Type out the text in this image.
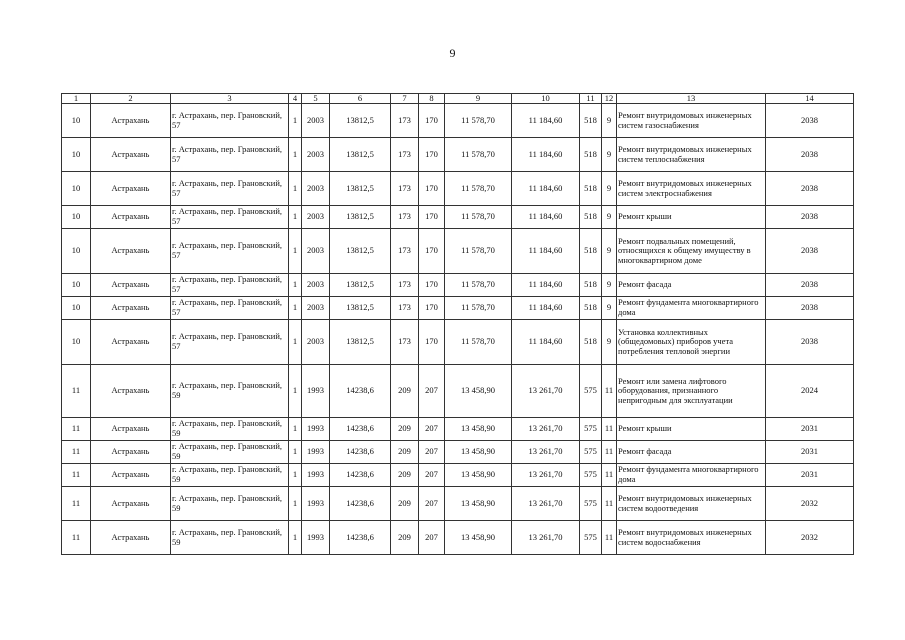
9
1	2	3	4	5	6	7	8	9	10	11	12	13	14
10	Астрахань	г. Астрахань, пер. Грановский, 57	1	2003	13812,5	173	170	11 578,70	11 184,60	518	9	Ремонт внутридомовых инженерных систем газоснабжения	2038
10	Астрахань	г. Астрахань, пер. Грановский, 57	1	2003	13812,5	173	170	11 578,70	11 184,60	518	9	Ремонт внутридомовых инженерных систем теплоснабжения	2038
10	Астрахань	г. Астрахань, пер. Грановский, 57	1	2003	13812,5	173	170	11 578,70	11 184,60	518	9	Ремонт внутридомовых инженерных систем электроснабжения	2038
10	Астрахань	г. Астрахань, пер. Грановский, 57	1	2003	13812,5	173	170	11 578,70	11 184,60	518	9	Ремонт крыши	2038
10	Астрахань	г. Астрахань, пер. Грановский, 57	1	2003	13812,5	173	170	11 578,70	11 184,60	518	9	Ремонт подвальных помещений, относящихся к общему имуществу в многоквартирном доме	2038
10	Астрахань	г. Астрахань, пер. Грановский, 57	1	2003	13812,5	173	170	11 578,70	11 184,60	518	9	Ремонт фасада	2038
10	Астрахань	г. Астрахань, пер. Грановский, 57	1	2003	13812,5	173	170	11 578,70	11 184,60	518	9	Ремонт фундамента многоквартирного дома	2038
10	Астрахань	г. Астрахань, пер. Грановский, 57	1	2003	13812,5	173	170	11 578,70	11 184,60	518	9	Установка коллективных (общедомовых) приборов учета потребления тепловой энергии	2038
11	Астрахань	г. Астрахань, пер. Грановский, 59	1	1993	14238,6	209	207	13 458,90	13 261,70	575	11	Ремонт или замена лифтового оборудования, признанного непригодным для эксплуатации	2024
11	Астрахань	г. Астрахань, пер. Грановский, 59	1	1993	14238,6	209	207	13 458,90	13 261,70	575	11	Ремонт крыши	2031
11	Астрахань	г. Астрахань, пер. Грановский, 59	1	1993	14238,6	209	207	13 458,90	13 261,70	575	11	Ремонт фасада	2031
11	Астрахань	г. Астрахань, пер. Грановский, 59	1	1993	14238,6	209	207	13 458,90	13 261,70	575	11	Ремонт фундамента многоквартирного дома	2031
11	Астрахань	г. Астрахань, пер. Грановский, 59	1	1993	14238,6	209	207	13 458,90	13 261,70	575	11	Ремонт внутридомовых инженерных систем водоотведения	2032
11	Астрахань	г. Астрахань, пер. Грановский, 59	1	1993	14238,6	209	207	13 458,90	13 261,70	575	11	Ремонт внутридомовых инженерных систем водоснабжения	2032
